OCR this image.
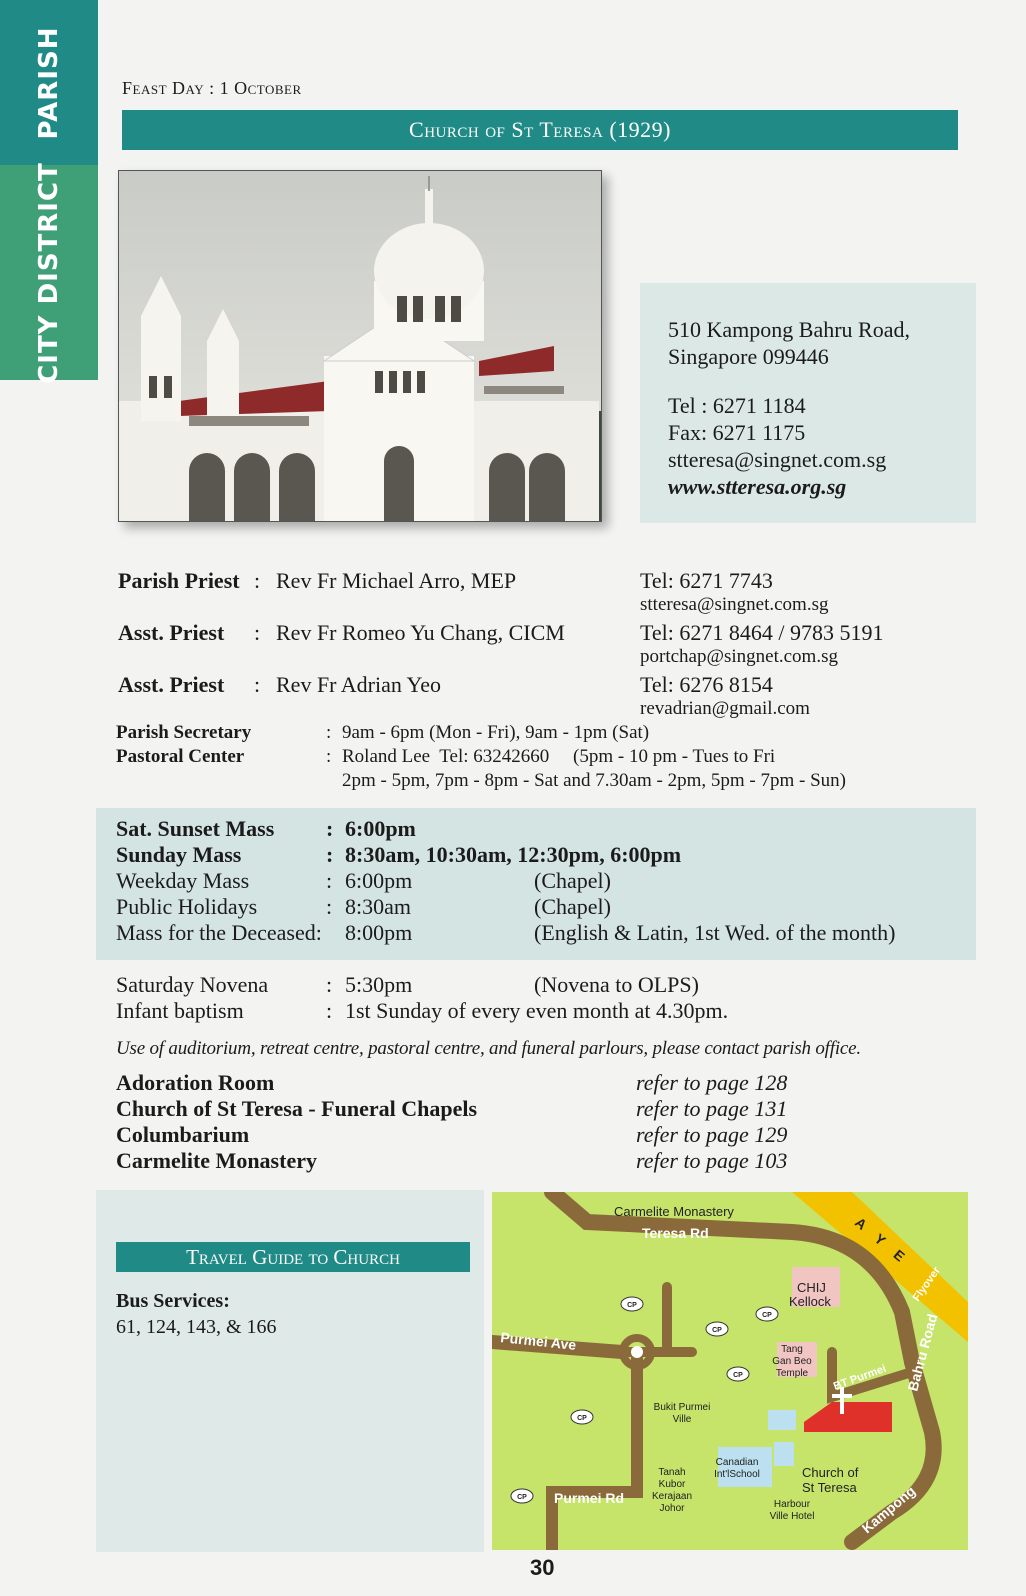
PARISH
CITY DISTRICT
Feast Day : 1 October
Church of St Teresa (1929)
510 Kampong Bahru Road,
Singapore 099446
Tel : 6271 1184
Fax: 6271 1175
stteresa@singnet.com.sg
www.stteresa.org.sg
Parish Priest : Rev Fr Michael Arro, MEP	Tel: 6271 7743
stteresa@singnet.com.sg
Asst. Priest : Rev Fr Romeo Yu Chang, CICM	Tel: 6271 8464 / 9783 5191
portchap@singnet.com.sg
Asst. Priest : Rev Fr Adrian Yeo	Tel: 6276 8154
revadrian@gmail.com
Parish Secretary	: 9am - 6pm (Mon - Fri), 9am - 1pm (Sat)
Pastoral Center	: Roland Lee  Tel: 63242660     (5pm - 10 pm - Tues to Fri
2pm - 5pm, 7pm - 8pm - Sat and 7.30am - 2pm, 5pm - 7pm - Sun)
Sat. Sunset Mass : 6:00pm
Sunday Mass	: 8:30am, 10:30am, 12:30pm, 6:00pm
Weekday Mass	: 6:00pm	(Chapel)
Public Holidays	: 8:30am	(Chapel)
Mass for the Deceased: 8:00pm	(English & Latin, 1st Wed. of the month)
Saturday Novena	: 5:30pm	(Novena to OLPS)
Infant baptism	: 1st Sunday of every even month at 4.30pm.
Use of auditorium, retreat centre, pastoral centre, and funeral parlours, please contact parish office.
Adoration Room	refer to page 128
Church of St Teresa - Funeral Chapels	refer to page 131
Columbarium	refer to page 129
Carmelite Monastery	refer to page 103
Travel Guide to Church
Bus Services:
61, 124, 143, & 166
CP
CP
CP
CP
CP
CP
Carmelite Monastery
CHIJ
Kellock
Church of
St Teresa
Tang
Gan Beo
Temple
Bukit Purmei
Ville
Canadian
Int'lSchool
Tanah
Kubor
Kerajaan
Johor	Harbour
Ville Hotel
Teresa Rd
Purmei Ave
Purmei Rd
Bahru Road
Kampong
BT Purmei
A Y E
Flyover
30
